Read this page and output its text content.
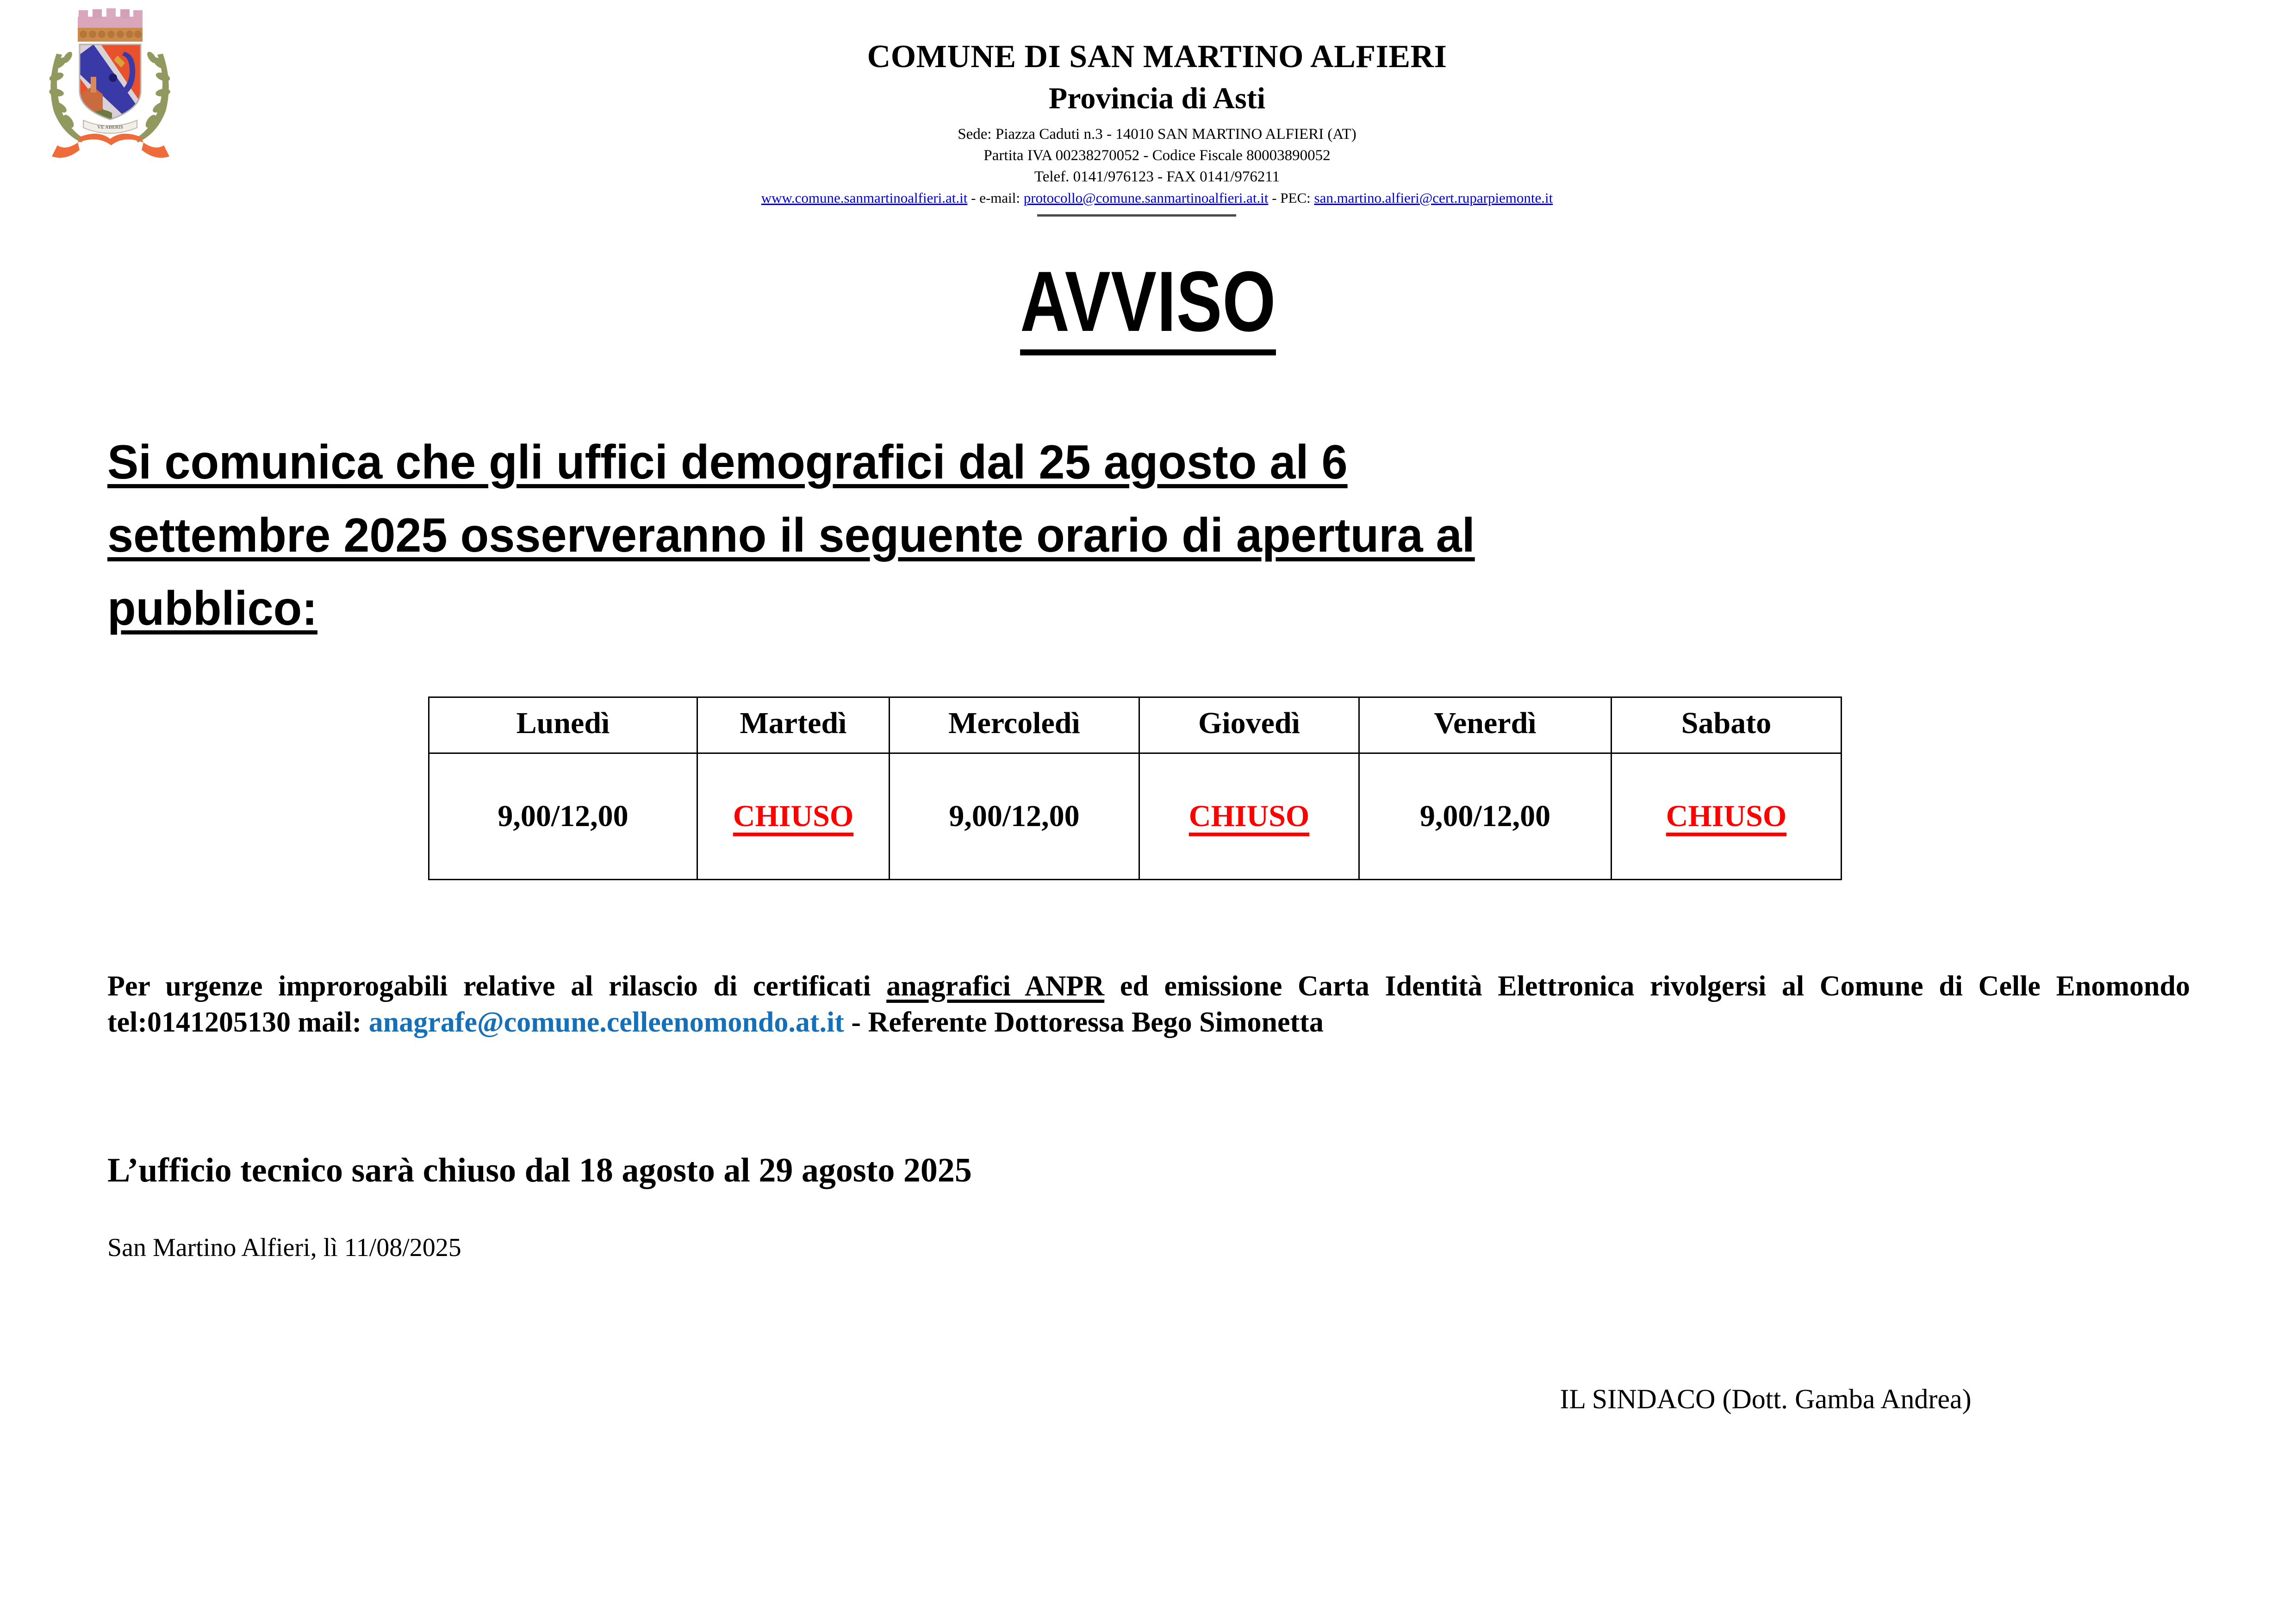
VE ABERIS
COMUNE DI SAN MARTINO ALFIERI
Provincia di Asti
Sede: Piazza Caduti n.3 - 14010 SAN MARTINO ALFIERI (AT)
Partita IVA 00238270052 - Codice Fiscale 80003890052
Telef. 0141/976123 - FAX 0141/976211
www.comune.sanmartinoalfieri.at.it - e-mail: protocollo@comune.sanmartinoalfieri.at.it - PEC: san.martino.alfieri@cert.ruparpiemonte.it
AVVISO
Si comunica che gli uffici demografici dal 25 agosto al 6
settembre 2025 osserveranno il seguente orario di apertura al
pubblico:
Lunedì	Martedì	Mercoledì	Giovedì	Venerdì	Sabato
9,00/12,00	CHIUSO	9,00/12,00	CHIUSO	9,00/12,00	CHIUSO

Per urgenze improrogabili relative al rilascio di certificati anagrafici ANPR ed emissione Carta Identità Elettronica rivolgersi al Comune di Celle Enomondo tel:0141205130 mail: anagrafe@comune.celleenomondo.at.it - Referente Dottoressa Bego Simonetta

L’ufficio tecnico sarà chiuso dal 18 agosto al 29 agosto 2025

San Martino Alfieri, lì 11/08/2025

IL SINDACO (Dott. Gamba Andrea)
